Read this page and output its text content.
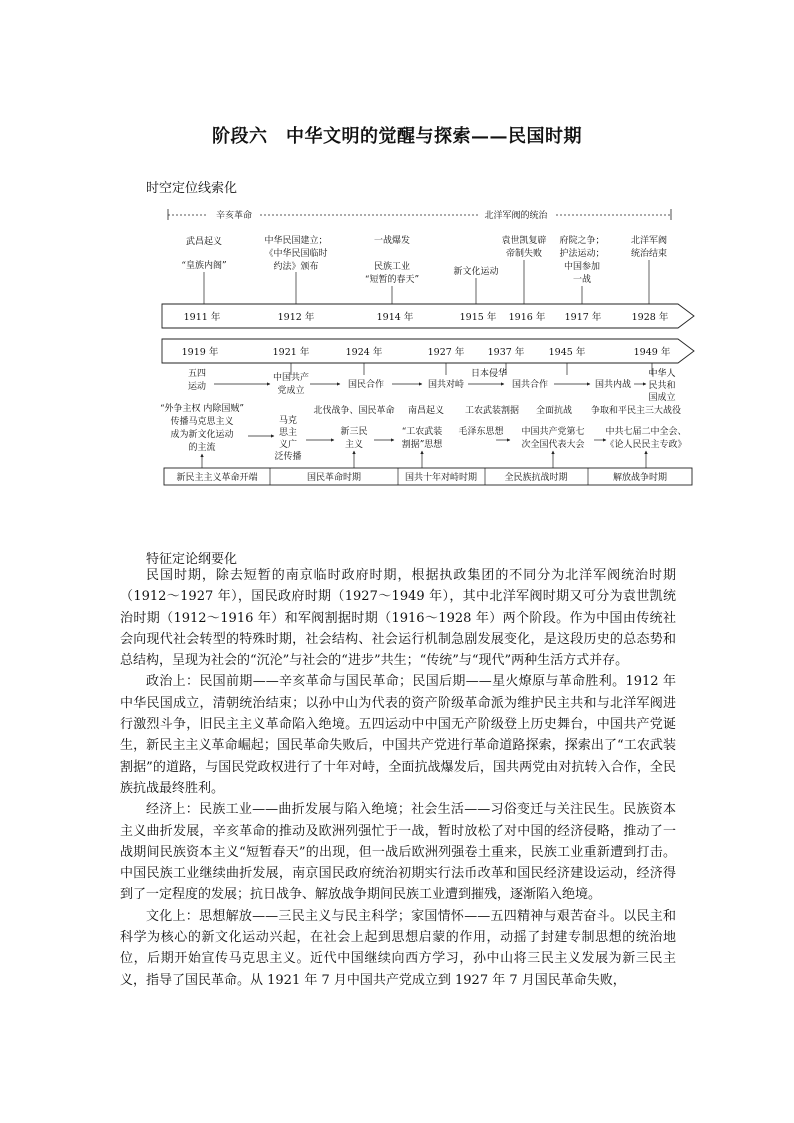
阶段六　中华文明的觉醒与探索——民国时期
时空定位线索化
辛亥革命	北洋军阀的统治
武昌起义
“皇族内阁”
中华民国建立；
《中华民国临时
约法》颁布
一战爆发
民族工业
“短暂的春天”
新文化运动
袁世凯复辟
帝制失败
府院之争；
护法运动；
中国参加
一战
北洋军阀
统治结束
1911 年	1912 年	1914 年	1915 年 1916 年 1917 年	1928 年
1919 年	1921 年	1924 年	1927 年 1937 年	1945 年	1949 年
五四
运动
中国共产
党成立
国民合作	国共对峙
日本侵华
国共合作	国共内战
中华人
民共和
国成立
“外争主权 内除国贼”
传播马克思主义
成为新文化运动
的主流
马克
思主
义广
泛传播
北伐战争、国民革命 南昌起义 工农武装割据 全面抗战 争取和平民主三大战役
新三民
主义
“工农武装
割据”思想
毛泽东思想 中国共产党第七
次全国代表大会
中共七届二中全会、
《论人民民主专政》
新民主主义革命开端	国民革命时期	国共十年对峙时期	全民族抗战时期	解放战争时期
特征定论纲要化

民国时期，除去短暂的南京临时政府时期，根据执政集团的不同分为北洋军阀统治时期（1912～1927 年），国民政府时期（1927～1949 年），其中北洋军阀时期又可分为袁世凯统治时期（1912～1916 年）和军阀割据时期（1916～1928 年）两个阶段。作为中国由传统社会向现代社会转型的特殊时期，社会结构、社会运行机制急剧发展变化，是这段历史的总态势和总结构，呈现为社会的“沉沦”与社会的“进步”共生；“传统”与“现代”两种生活方式并存。

政治上：民国前期——辛亥革命与国民革命；民国后期——星火燎原与革命胜利。1912 年中华民国成立，清朝统治结束；以孙中山为代表的资产阶级革命派为维护民主共和与北洋军阀进行激烈斗争，旧民主主义革命陷入绝境。五四运动中中国无产阶级登上历史舞台，中国共产党诞生，新民主主义革命崛起；国民革命失败后，中国共产党进行革命道路探索，探索出了“工农武装割据”的道路，与国民党政权进行了十年对峙，全面抗战爆发后，国共两党由对抗转入合作，全民族抗战最终胜利。

经济上：民族工业——曲折发展与陷入绝境；社会生活——习俗变迁与关注民生。民族资本主义曲折发展，辛亥革命的推动及欧洲列强忙于一战，暂时放松了对中国的经济侵略，推动了一战期间民族资本主义“短暂春天”的出现，但一战后欧洲列强卷土重来，民族工业重新遭到打击。中国民族工业继续曲折发展，南京国民政府统治初期实行法币改革和国民经济建设运动，经济得到了一定程度的发展；抗日战争、解放战争期间民族工业遭到摧残，逐渐陷入绝境。

文化上：思想解放——三民主义与民主科学；家国情怀——五四精神与艰苦奋斗。以民主和科学为核心的新文化运动兴起，在社会上起到思想启蒙的作用，动摇了封建专制思想的统治地位，后期开始宣传马克思主义。近代中国继续向西方学习，孙中山将三民主义发展为新三民主义，指导了国民革命。从 1921 年 7 月中国共产党成立到 1927 年 7 月国民革命失败，
